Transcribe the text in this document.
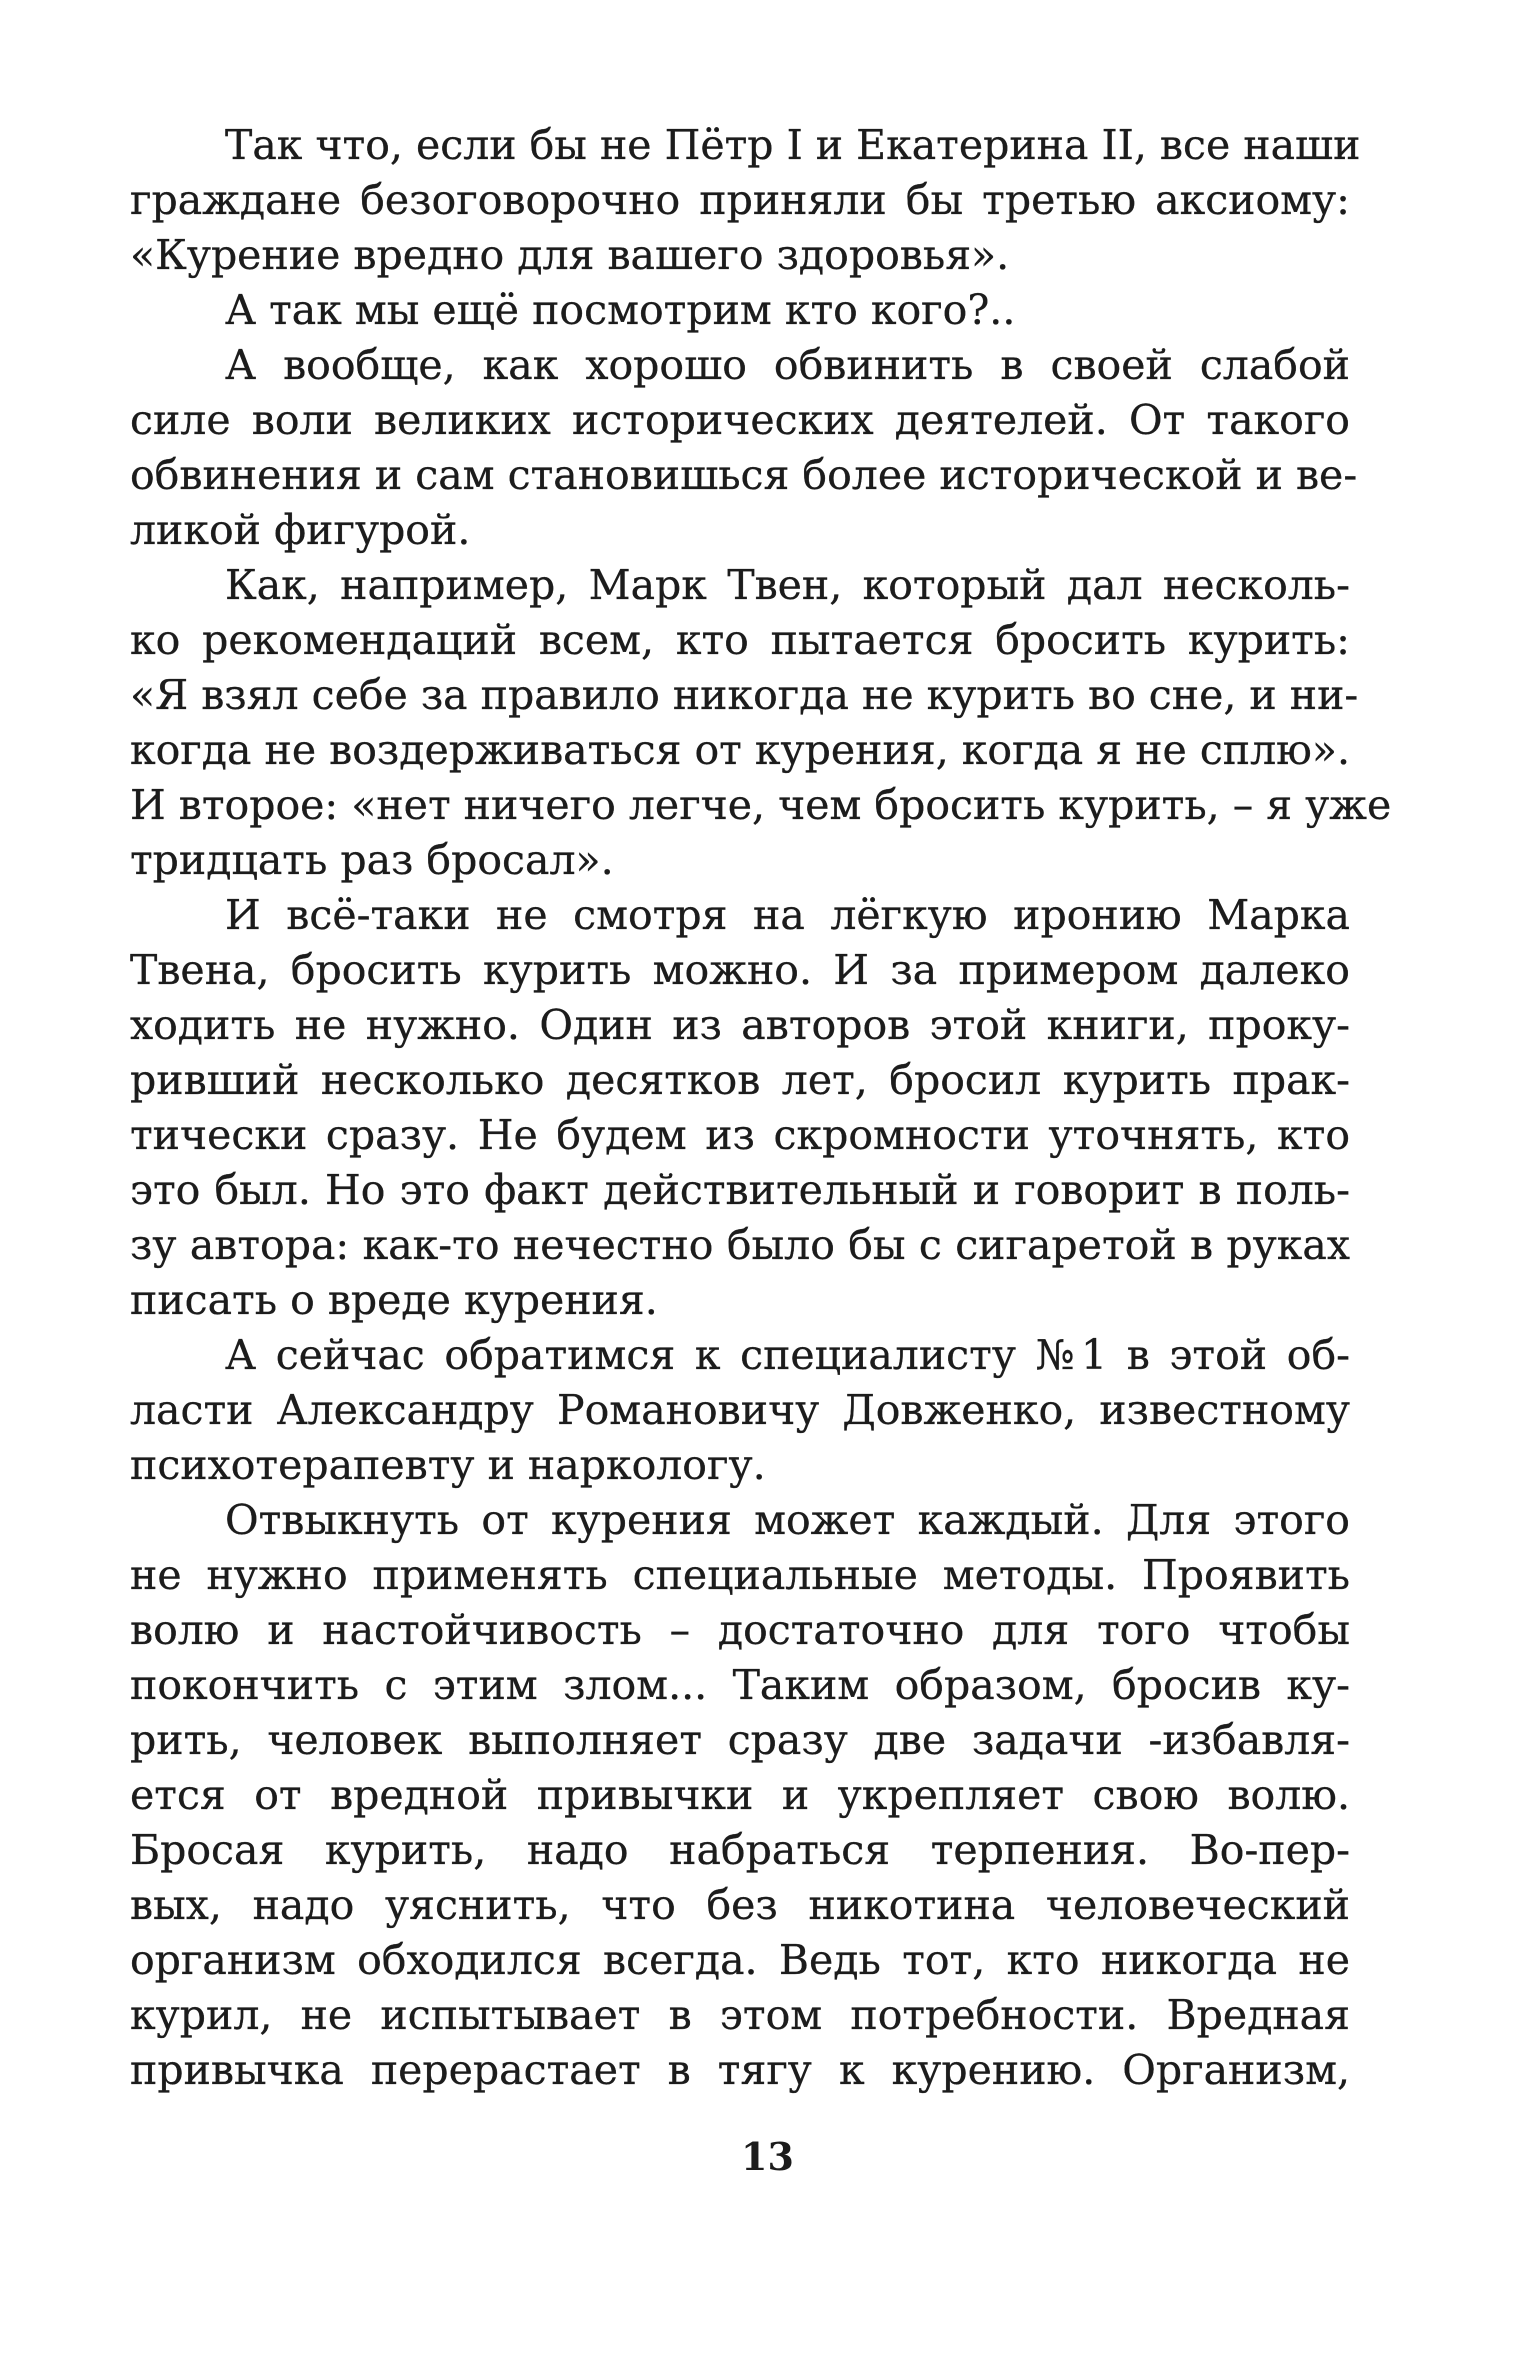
Так что, если бы не Пётр I и Екатерина II, все наши
граждане безоговорочно приняли бы третью аксиому:
«Курение вредно для вашего здоровья».
А так мы ещё посмотрим кто кого?..
А вообще, как хорошо обвинить в своей слабой
силе воли великих исторических деятелей. От такого
обвинения и сам становишься более исторической и ве-
ликой фигурой.
Как, например, Марк Твен, который дал несколь-
ко рекомендаций всем, кто пытается бросить курить:
«Я взял себе за правило никогда не курить во сне, и ни-
когда не воздерживаться от курения, когда я не сплю».
И второе: «нет ничего легче, чем бросить курить, – я уже
тридцать раз бросал».
И всё-таки не смотря на лёгкую иронию Марка
Твена, бросить курить можно. И за примером далеко
ходить не нужно. Один из авторов этой книги, проку-
ривший несколько десятков лет, бросил курить прак-
тически сразу. Не будем из скромности уточнять, кто
это был. Но это факт действительный и говорит в поль-
зу автора: как-то нечестно было бы с сигаретой в руках
писать о вреде курения.
А сейчас обратимся к специалисту №1 в этой об-
ласти Александру Романовичу Довженко, известному
психотерапевту и наркологу.
Отвыкнуть от курения может каждый. Для этого
не нужно применять специальные методы. Проявить
волю и настойчивость – достаточно для того чтобы
покончить с этим злом... Таким образом, бросив ку-
рить, человек выполняет сразу две задачи -избавля-
ется от вредной привычки и укрепляет свою волю.
Бросая курить, надо набраться терпения. Во-пер-
вых, надо уяснить, что без никотина человеческий
организм обходился всегда. Ведь тот, кто никогда не
курил, не испытывает в этом потребности. Вредная
привычка перерастает в тягу к курению. Организм,
13
